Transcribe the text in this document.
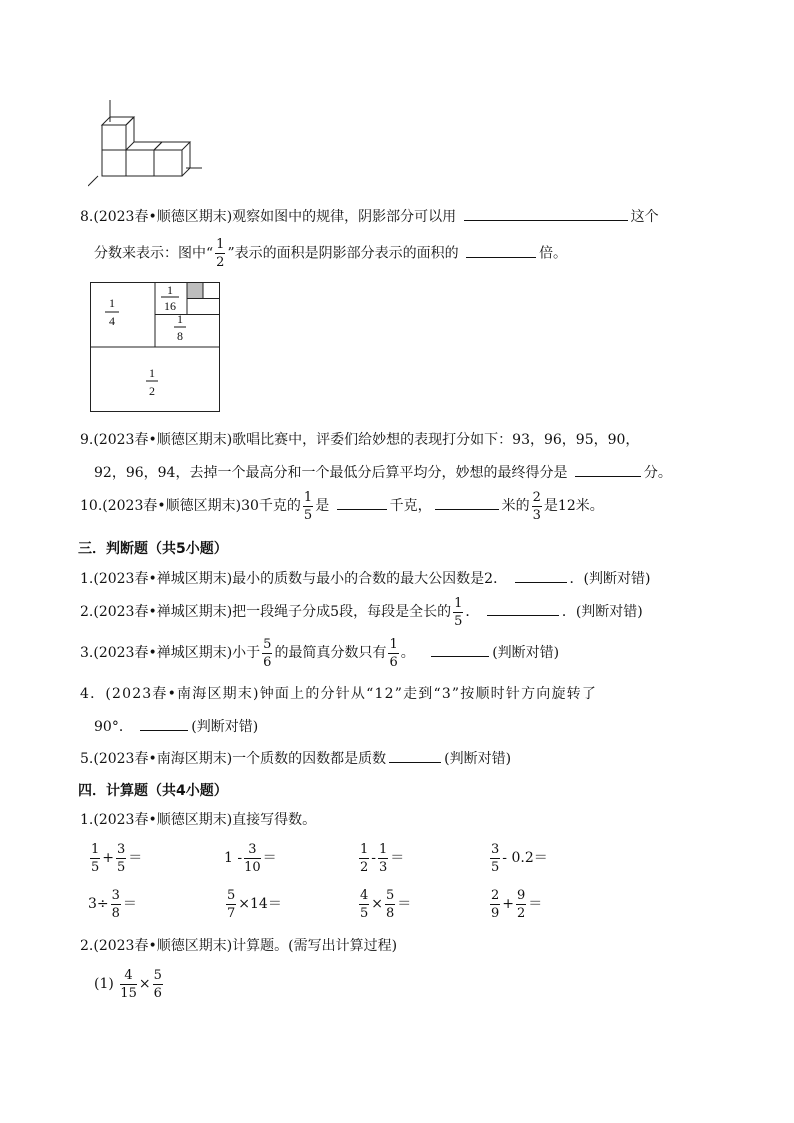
8.(2023春•顺德区期末)观察如图中的规律，阴影部分可以用	这个
分数来表示：图中“ $\frac{1}{2}$ ”表示的面积是阴影部分表示的面积的	倍。
1
4
1
16
1
8
1
2
9.(2023春•顺德区期末)歌唱比赛中，评委们给妙想的表现打分如下：93，96，95，90，
92，96，94，去掉一个最高分和一个最低分后算平均分，妙想的最终得分是	分。
10.(2023春•顺德区期末)30千克的 $\frac{1}{5}$ 是	千克，	米的 $\frac{2}{3}$ 是12米。
三．判断题（共5小题）
1.(2023春•禅城区期末)最小的质数与最小的合数的最大公因数是2．	．(判断对错)
2.(2023春•禅城区期末)把一段绳子分成5段，每段是全长的 $\frac{1}{5}$ ．	．(判断对错)
3.(2023春•禅城区期末)小于 $\frac{5}{6}$ 的最简真分数只有 $\frac{1}{6}$ 。	(判断对错)
4．(2023春•南海区期末)钟面上的分针从“12”走到“3”按顺时针方向旋转了
90°．	(判断对错)
5.(2023春•南海区期末)一个质数的因数都是质数	(判断对错)
四．计算题（共4小题）
1.(2023春•顺德区期末)直接写得数。
$\frac{1}{5} + \frac{3}{5}$ ＝	$1 - \frac{3}{10}$ ＝	$\frac{1}{2} - \frac{1}{3}$ ＝	$\frac{3}{5} - 0.2=$
$3\div \frac{3}{8}$ ＝	$\frac{5}{7} \times 14=$	$\frac{4}{5} \times \frac{5}{8}$ ＝	$\frac{2}{9} + \frac{9}{2}$ ＝
2.(2023春•顺德区期末)计算题。(需写出计算过程)
$(1) \frac{4}{15} \times \frac{5}{6}$
